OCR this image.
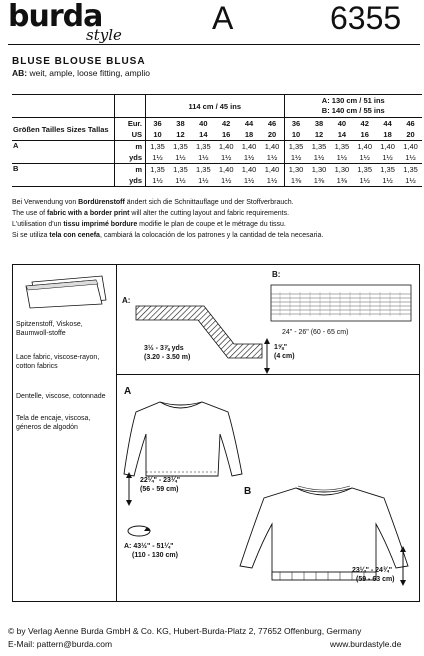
burda
style	A	6355
BLUSE BLOUSE BLUSA
AB: weit, ample, loose fitting, amplio
		114 cm / 45 ins						A: 130 cm / 51 ins
B: 140 cm / 55 ins					

Größen Tailles Sizes Tallas	Eur.	36	38	40	42	44	46	36	38	40	42	44	46
	US	10	12	14	16	18	20	10	12	14	16	18	20
A	m	1,35	1,35	1,35	1,40	1,40	1,40	1,35	1,35	1,35	1,40	1,40	1,40
	yds	1½	1½	1½	1½	1½	1½	1½	1½	1½	1½	1½	1½
B	m	1,35	1,35	1,35	1,40	1,40	1,40	1,30	1,30	1,30	1,35	1,35	1,35
	yds	1½	1½	1½	1½	1½	1½	1⅜	1⅜	1⅜	1½	1½	1½
Bei Verwendung von Bordürenstoff ändert sich die Schnittauflage und der Stoffverbrauch.
The use of fabric with a border print will alter the cutting layout and fabric requirements.
L'utilisation d'un tissu imprimé bordure modifie le plan de coupe et le métrage du tissu.
Si se utiliza tela con cenefa, cambiará la colocación de los patrones y la cantidad de tela necesaria.
Spitzenstoff, Viskose, Baumwoll-stoffe
Lace fabric, viscose-rayon, cotton fabrics
Dentelle, viscose, cotonnade
Tela de encaje, viscosa, géneros de algodón
A:
1⅝"
(4 cm)
3½ - 3⅞ yds
(3.20 - 3.50 m)
B:
24" - 26" (60 - 65 cm)
A
22¼" - 23¼"
(56 - 59 cm)
A: 43½" - 51¼"
(110 - 130 cm)
B
23¼" - 24¾"
(59 - 63 cm)
© by Verlag Aenne Burda GmbH & Co. KG, Hubert-Burda-Platz 2, 77652 Offenburg, Germany
E-Mail: pattern@burda.com	www.burdastyle.de
